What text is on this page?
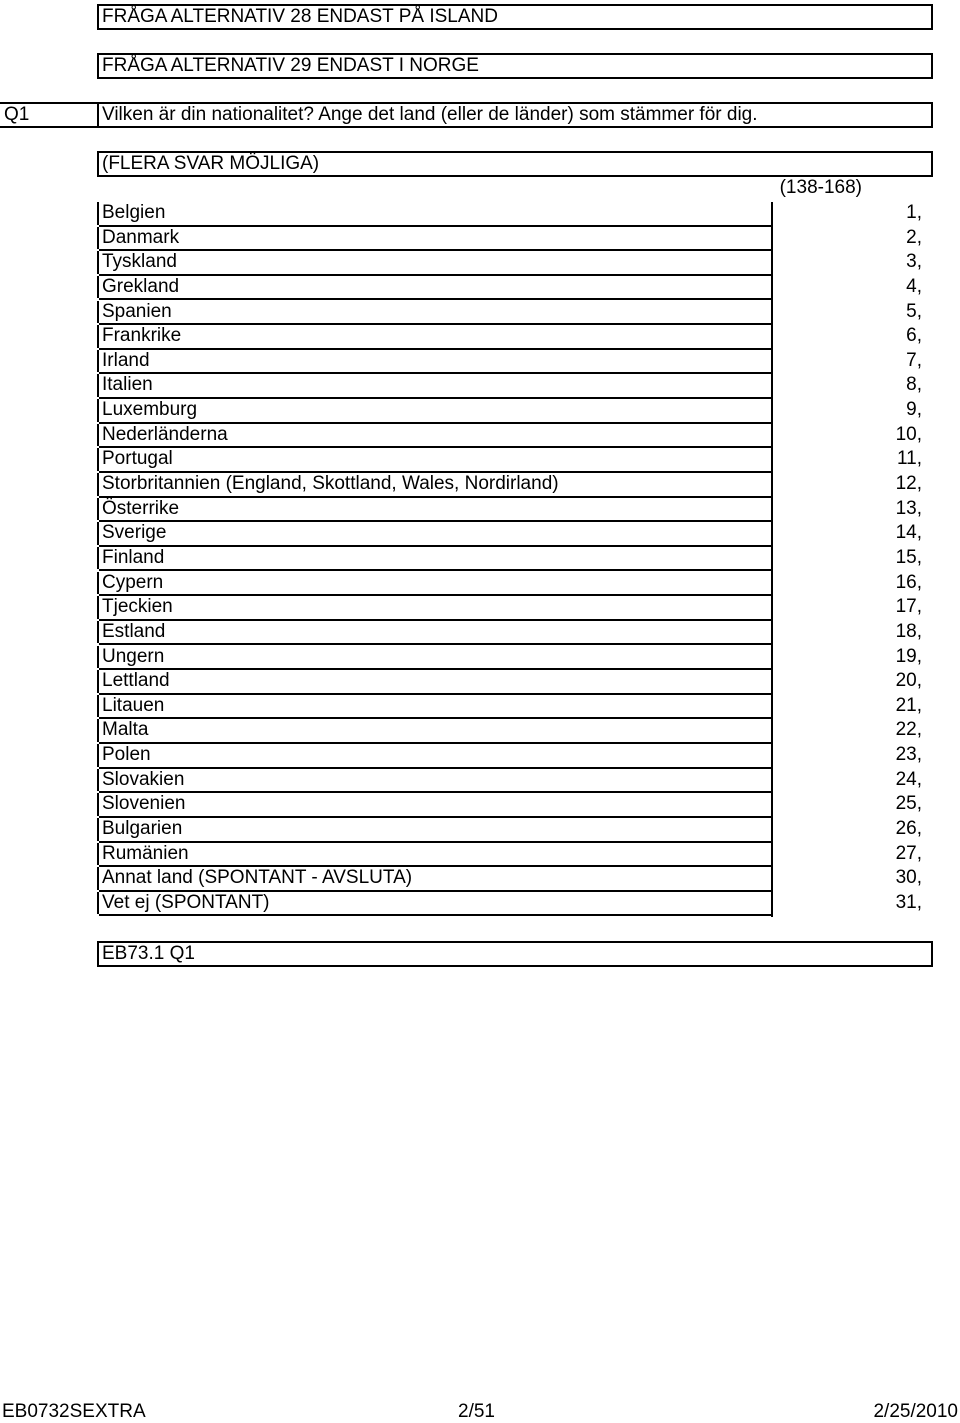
FRÅGA ALTERNATIV 28 ENDAST PÅ ISLAND
FRÅGA ALTERNATIV 29 ENDAST I NORGE
Q1	Vilken är din nationalitet? Ange det land (eller de länder) som stämmer för dig.
(FLERA SVAR MÖJLIGA)
(138-168)
Belgien	1,
Danmark	2,
Tyskland	3,
Grekland	4,
Spanien	5,
Frankrike	6,
Irland	7,
Italien	8,
Luxemburg	9,
Nederländerna	10,
Portugal	11,
Storbritannien (England, Skottland, Wales, Nordirland)	12,
Österrike	13,
Sverige	14,
Finland	15,
Cypern	16,
Tjeckien	17,
Estland	18,
Ungern	19,
Lettland	20,
Litauen	21,
Malta	22,
Polen	23,
Slovakien	24,
Slovenien	25,
Bulgarien	26,
Rumänien	27,
Annat land (SPONTANT - AVSLUTA)	30,
Vet ej (SPONTANT)	31,
EB73.1 Q1
EB0732SEXTRA	2/51	2/25/2010
